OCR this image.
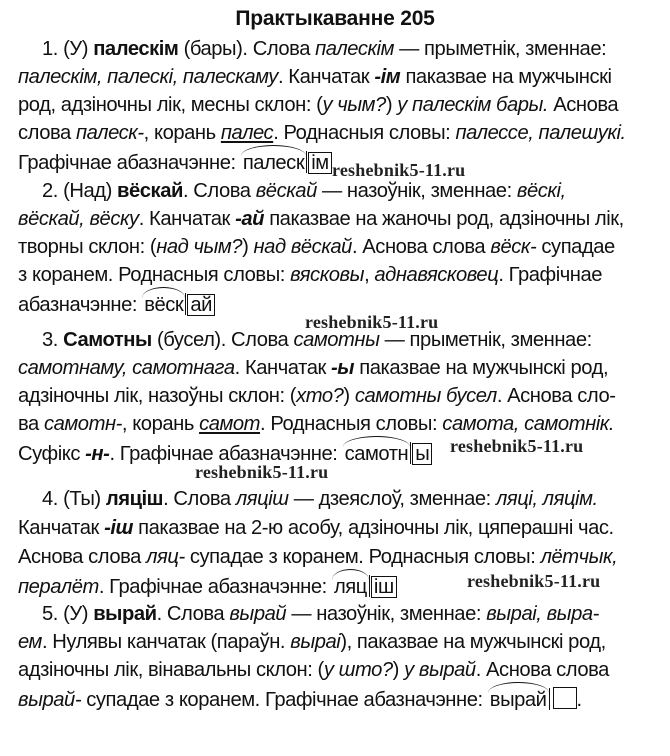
Практыкаванне 205
1. (У) палескім (бары). Слова палескім — прыметнік, зменнае:
палескім, палескі, палескаму. Канчатак -ім паказвае на мужчынскі
род, адзіночны лік, месны склон: (у чым?) у палескім бары. Аснова
слова палеск-, корань палес. Роднасныя словы: палессе, палешукі.
Графічнае абазначэнне: палеск ім reshebnik5-11.ru
2. (Над) вёскай. Слова вёскай — назоўнік, зменнае: вёскі,
вёскай, вёску. Канчатак -ай паказвае на жаночы род, адзіночны лік,
творны склон: (над чым?) над вёскай. Аснова слова вёск- супадае
з коранем. Роднасныя словы: вясковы, аднавясковец. Графічнае
абазначэнне: вёск ай
reshebnik5-11.ru
3. Самотны (бусел). Слова самотны — прыметнік, зменнае:
самотнаму, самотнага. Канчатак -ы паказвае на мужчынскі род,
адзіночны лік, назоўны склон: (хто?) самотны бусел. Аснова сло-
ва самотн-, корань самот. Роднасныя словы: самота, самотнік.
Суфікс -н-. Графічнае абазначэнне: самотн ы	reshebnik5-11.ru
reshebnik5-11.ru
4. (Ты) ляціш. Слова ляціш — дзеяслоў, зменнае: ляці, ляцім.
Канчатак -іш паказвае на 2-ю асобу, адзіночны лік, цяперашні час.
Аснова слова ляц- супадае з коранем. Роднасныя словы: лётчык,
пералёт. Графічнае абазначэнне: ляц іш	reshebnik5-11.ru
5. (У) вырай. Слова вырай — назоўнік, зменнае: выраі, выра-
ем. Нулявы канчатак (параўн. выраі), паказвае на мужчынскі род,
адзіночны лік, вінавальны склон: (у што?) у вырай. Аснова слова
вырай- супадае з коранем. Графічнае абазначэнне: вырай .
